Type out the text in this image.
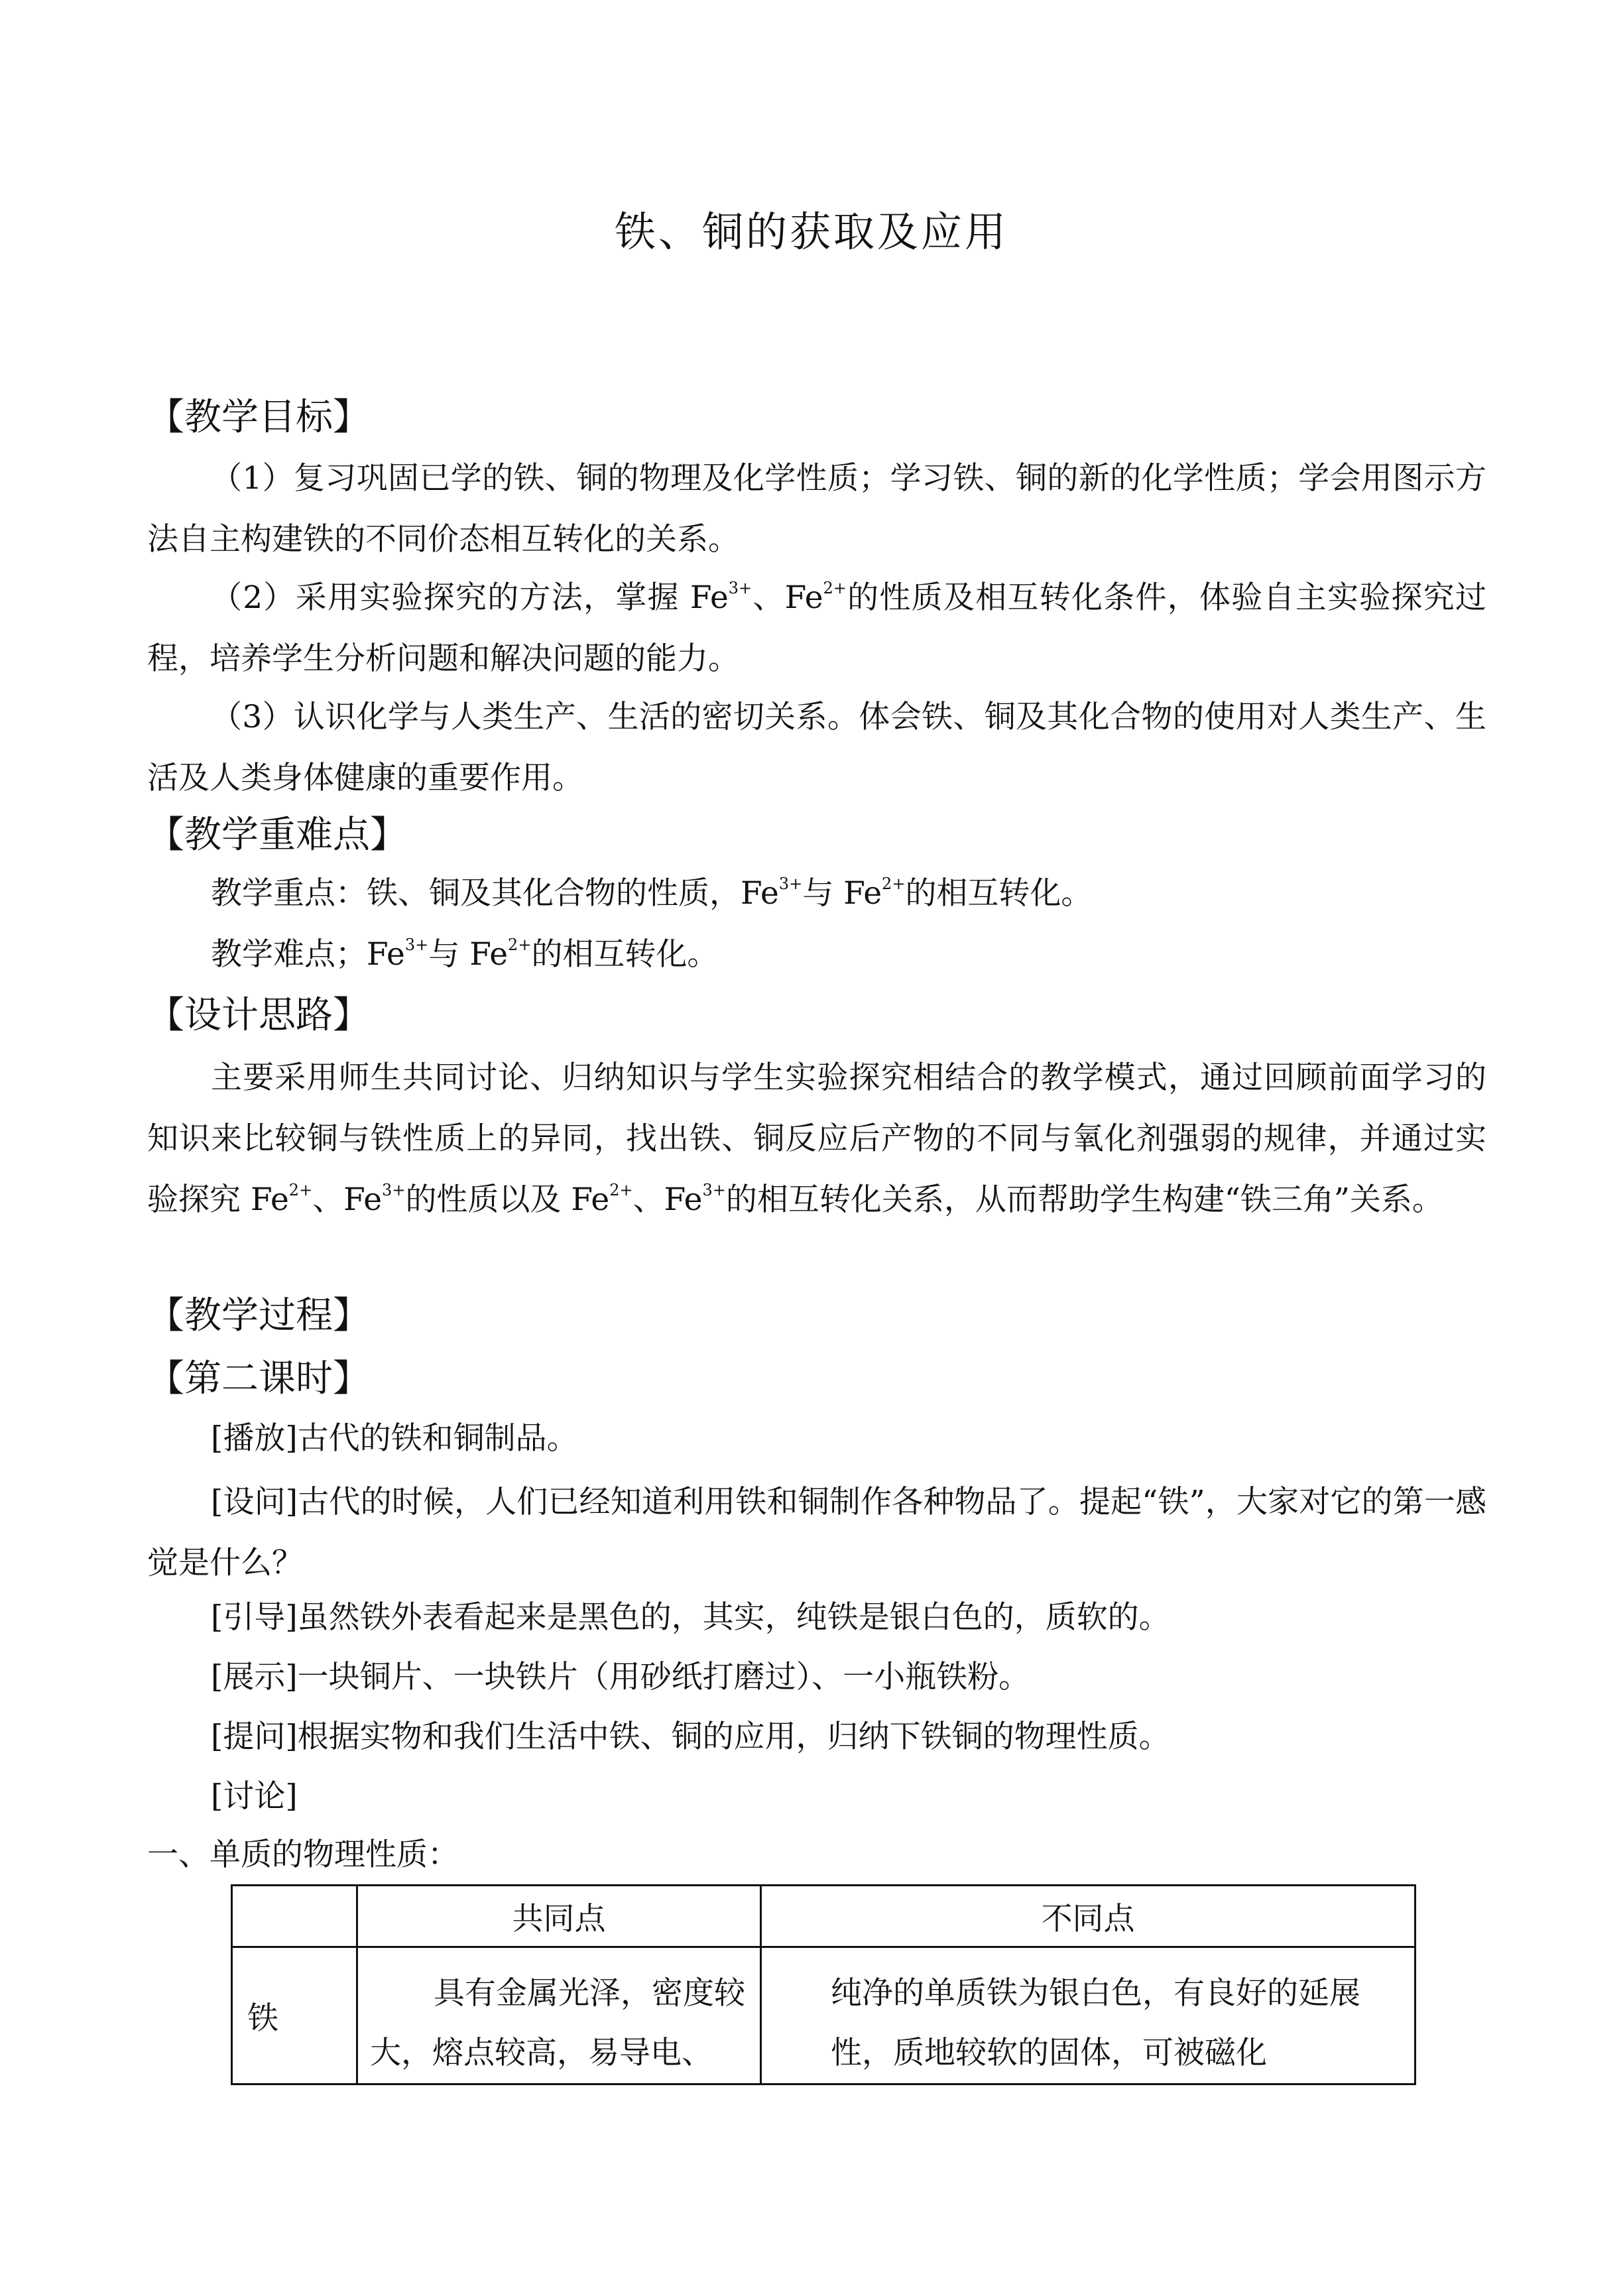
铁、铜的获取及应用
【教学目标】
（1）复习巩固已学的铁、铜的物理及化学性质；学习铁、铜的新的化学性质；学会用图示方法自主构建铁的不同价态相互转化的关系。
（2）采用实验探究的方法，掌握 $Fe^{3+}$、$Fe^{2+}$的性质及相互转化条件，体验自主实验探究过程，培养学生分析问题和解决问题的能力。
（3）认识化学与人类生产、生活的密切关系。体会铁、铜及其化合物的使用对人类生产、生活及人类身体健康的重要作用。
【教学重难点】
教学重点：铁、铜及其化合物的性质，$Fe^{3+}$与 $Fe^{2+}$的相互转化。
教学难点；$Fe^{3+}$与 $Fe^{2+}$的相互转化。
【设计思路】
主要采用师生共同讨论、归纳知识与学生实验探究相结合的教学模式，通过回顾前面学习的知识来比较铜与铁性质上的异同，找出铁、铜反应后产物的不同与氧化剂强弱的规律，并通过实验探究 $Fe^{2+}$、$Fe^{3+}$的性质以及 $Fe^{2+}$、$Fe^{3+}$的相互转化关系，从而帮助学生构建“铁三角”关系。
【教学过程】
【第二课时】
[播放]古代的铁和铜制品。
[设问]古代的时候，人们已经知道利用铁和铜制作各种物品了。提起“铁”，大家对它的第一感觉是什么？
[引导]虽然铁外表看起来是黑色的，其实，纯铁是银白色的，质软的。
[展示]一块铜片、一块铁片（用砂纸打磨过）、一小瓶铁粉。
[提问]根据实物和我们生活中铁、铜的应用，归纳下铁铜的物理性质。
[讨论]
一、单质的物理性质：
	共同点	不同点
铁	具有金属光泽，密度较大，熔点较高，易导电、	纯净的单质铁为银白色，有良好的延展性，质地较软的固体，可被磁化
